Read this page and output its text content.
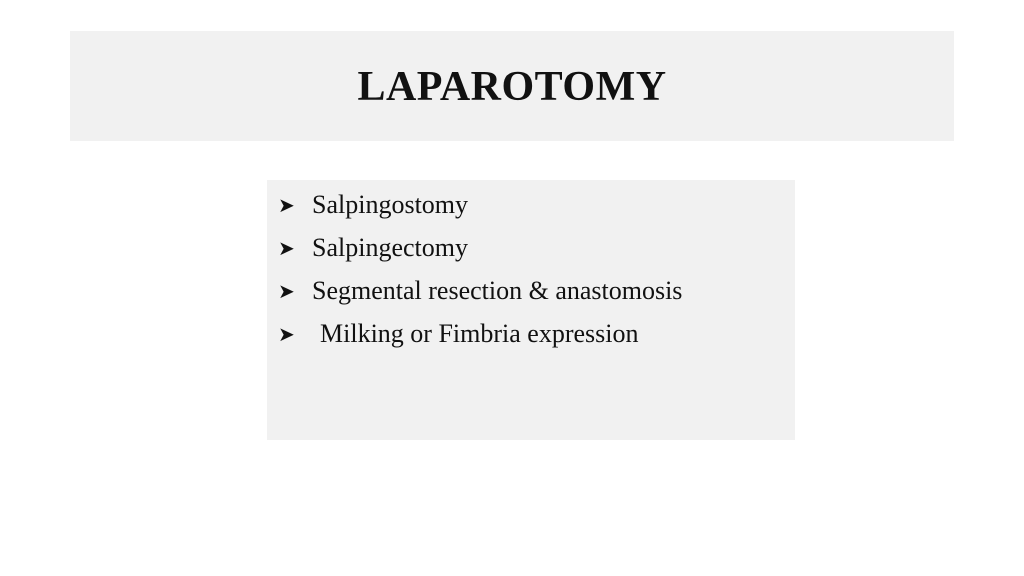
LAPAROTOMY
➤ Salpingostomy
➤ Salpingectomy
➤ Segmental resection & anastomosis
➤ Milking or Fimbria expression
